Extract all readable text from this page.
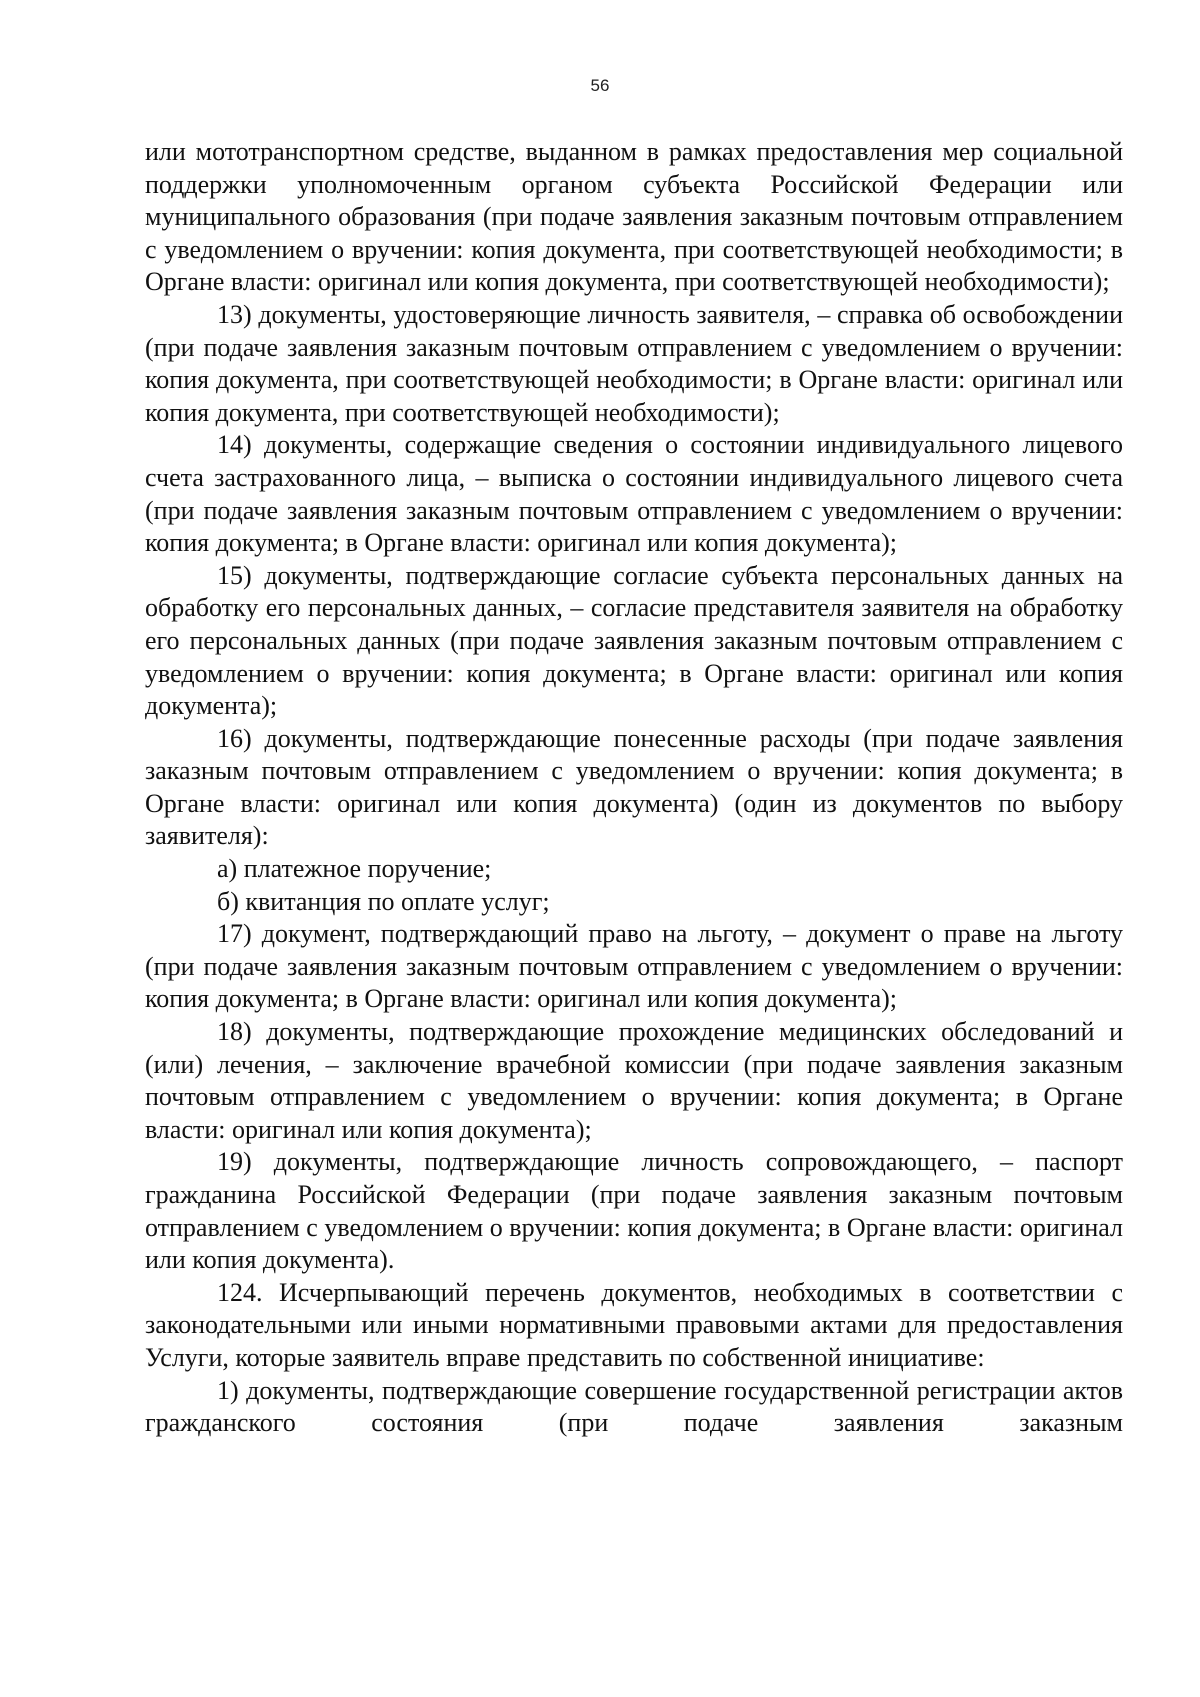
56

или мототранспортном средстве, выданном в рамках предоставления мер социальной поддержки уполномоченным органом субъекта Российской Федерации или муниципального образования (при подаче заявления заказным почтовым отправлением с уведомлением о вручении: копия документа, при соответствующей необходимости; в Органе власти: оригинал или копия документа, при соответствующей необходимости);

13) документы, удостоверяющие личность заявителя, – справка об освобождении (при подаче заявления заказным почтовым отправлением с уведомлением о вручении: копия документа, при соответствующей необходимости; в Органе власти: оригинал или копия документа, при соответствующей необходимости);

14) документы, содержащие сведения о состоянии индивидуального лицевого счета застрахованного лица, – выписка о состоянии индивидуального лицевого счета (при подаче заявления заказным почтовым отправлением с уведомлением о вручении: копия документа; в Органе власти: оригинал или копия документа);

15) документы, подтверждающие согласие субъекта персональных данных на обработку его персональных данных, – согласие представителя заявителя на обработку его персональных данных (при подаче заявления заказным почтовым отправлением с уведомлением о вручении: копия документа; в Органе власти: оригинал или копия документа);

16) документы, подтверждающие понесенные расходы (при подаче заявления заказным почтовым отправлением с уведомлением о вручении: копия документа; в Органе власти: оригинал или копия документа) (один из документов по выбору заявителя):

а) платежное поручение;

б) квитанция по оплате услуг;

17) документ, подтверждающий право на льготу, – документ о праве на льготу (при подаче заявления заказным почтовым отправлением с уведомлением о вручении: копия документа; в Органе власти: оригинал или копия документа);

18) документы, подтверждающие прохождение медицинских обследований и (или) лечения, – заключение врачебной комиссии (при подаче заявления заказным почтовым отправлением с уведомлением о вручении: копия документа; в Органе власти: оригинал или копия документа);

19) документы, подтверждающие личность сопровождающего, – паспорт гражданина Российской Федерации (при подаче заявления заказным почтовым отправлением с уведомлением о вручении: копия документа; в Органе власти: оригинал или копия документа).

124. Исчерпывающий перечень документов, необходимых в соответствии с законодательными или иными нормативными правовыми актами для предоставления Услуги, которые заявитель вправе представить по собственной инициативе:

1) документы, подтверждающие совершение государственной регистрации актов гражданского состояния (при подаче заявления заказным
